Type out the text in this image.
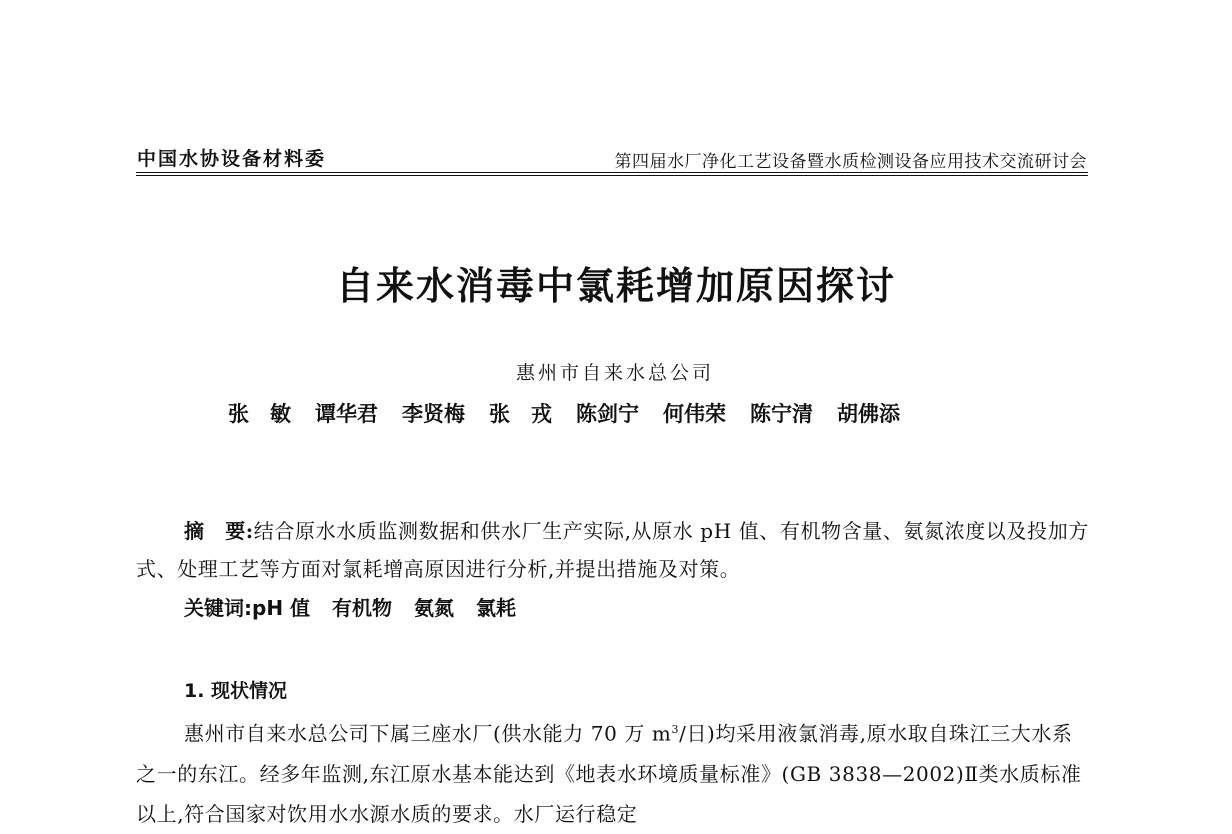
中国水协设备材料委	第四届水厂净化工艺设备暨水质检测设备应用技术交流研讨会
自来水消毒中氯耗增加原因探讨
惠州市自来水总公司
张　敏 谭华君 李贤梅 张　戎 陈剑宁 何伟荣 陈宁清 胡佛添
摘　要:结合原水水质监测数据和供水厂生产实际,从原水 pH 值、有机物含量、氨氮浓度以及投加方式、处理工艺等方面对氯耗增高原因进行分析,并提出措施及对策。
关键词:pH 值 有机物 氨氮 氯耗
1. 现状情况
惠州市自来水总公司下属三座水厂(供水能力 70 万 $m^3/$日)均采用液氯消毒,原水取自珠江三大水系之一的东江。经多年监测,东江原水基本能达到《地表水环境质量标准》(GB 3838—2002)Ⅱ类水质标准以上,符合国家对饮用水水源水质的要求。水厂运行稳定
